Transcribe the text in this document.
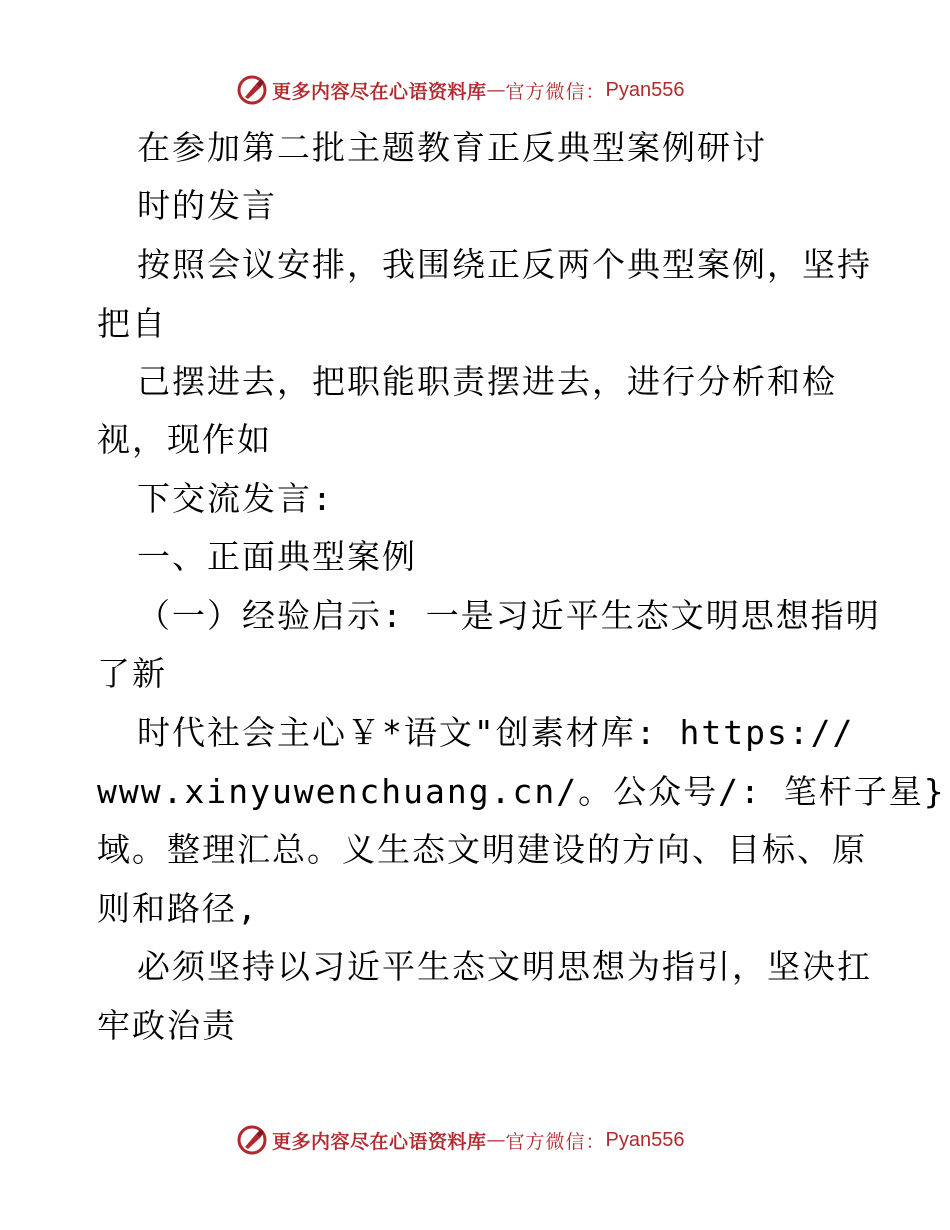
更多内容尽在心语资料库 — 官方微信： Pyan556
在参加第二批主题教育正反典型案例研讨
时的发言
按照会议安排，我围绕正反两个典型案例，坚持
把自
己摆进去，把职能职责摆进去，进行分析和检
视，现作如
下交流发言:
一、正面典型案例
（一）经验启示: 一是习近平生态文明思想指明
了新
时代社会主心￥*语文"创素材库: https://
www.xinyuwenchuang.cn/。公众号/: 笔杆子星}
域。整理汇总。义生态文明建设的方向、目标、原
则和路径,
必须坚持以习近平生态文明思想为指引，坚决扛
牢政治责
更多内容尽在心语资料库 — 官方微信： Pyan556
